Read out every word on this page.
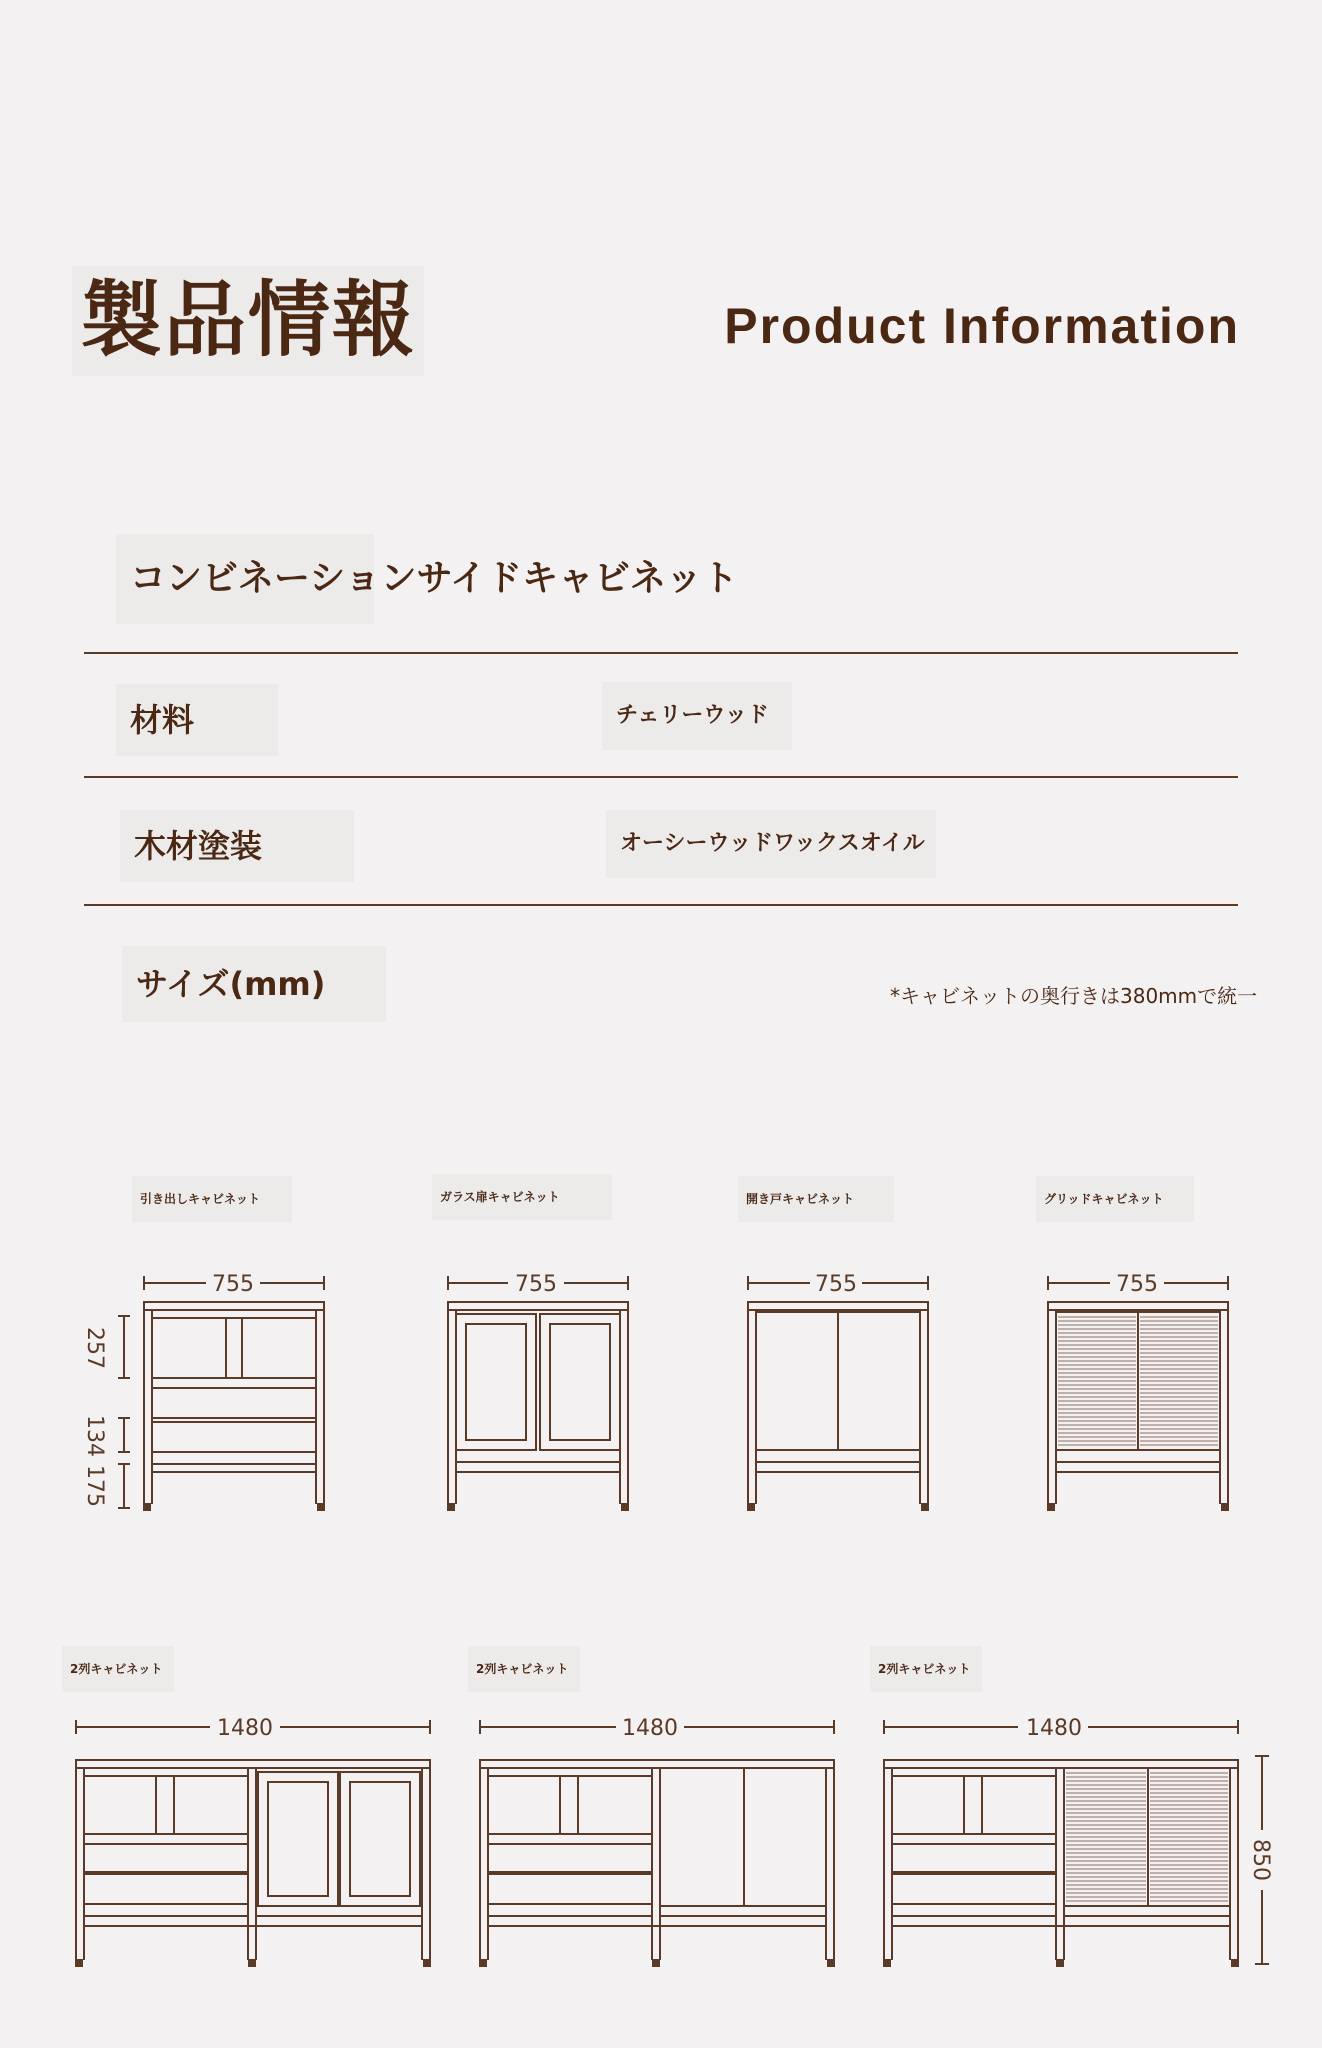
製品情報	Product Information
コンビネーションサイドキャビネット
材料	チェリーウッド
木材塗装	オーシーウッドワックスオイル
サイズ(mm)	*キャビネットの奥行きは380mmで統一
引き出しキャビネット	ガラス扉キャビネット	開き戸キャビネット	グリッドキャビネット
2列キャビネット	2列キャビネット	2列キャビネット
755	755	755	755
1480	1480	1480
257
134
175
850
